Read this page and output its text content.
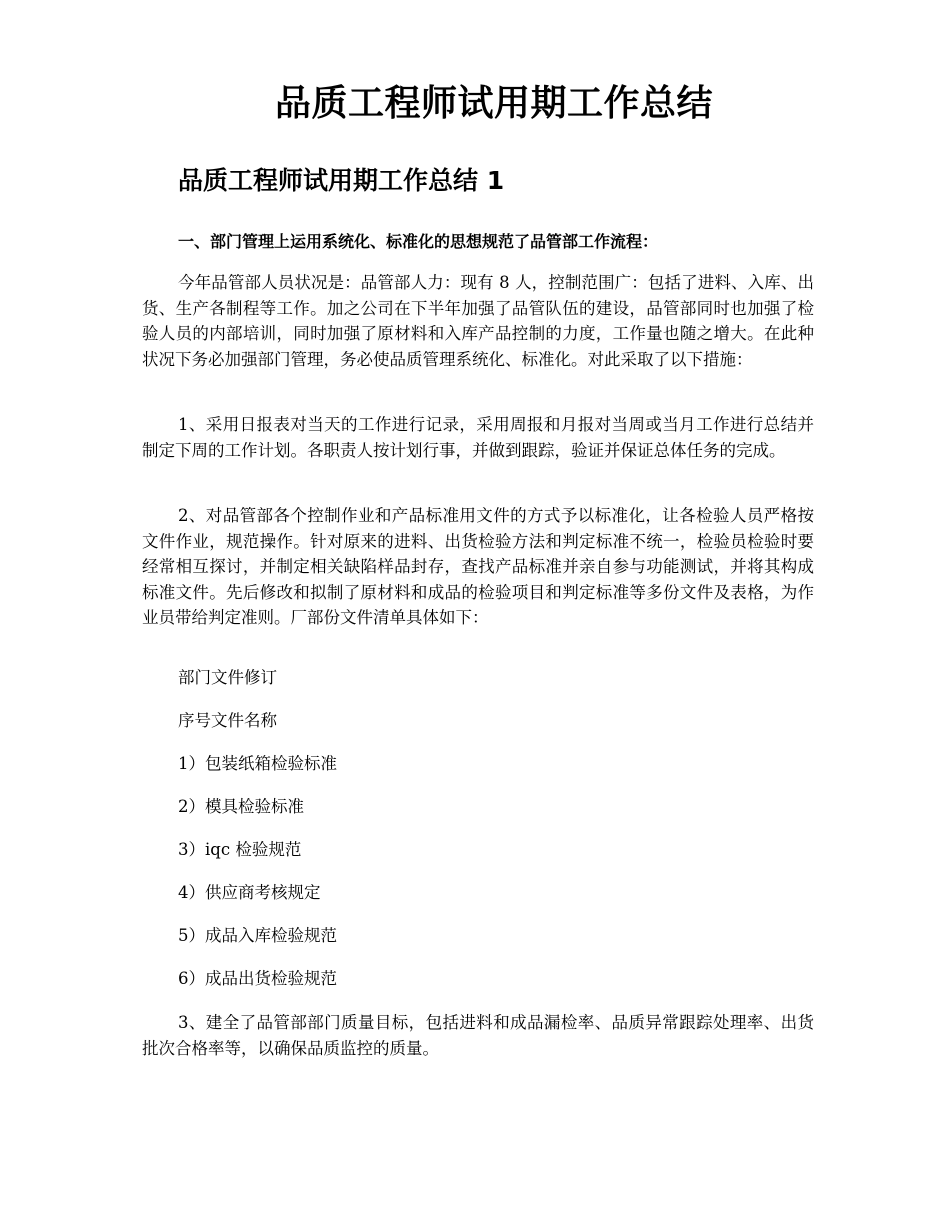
品质工程师试用期工作总结
品质工程师试用期工作总结 1
一、部门管理上运用系统化、标准化的思想规范了品管部工作流程：

今年品管部人员状况是：品管部人力：现有 8 人，控制范围广：包括了进料、入库、出货、生产各制程等工作。加之公司在下半年加强了品管队伍的建设，品管部同时也加强了检验人员的内部培训，同时加强了原材料和入库产品控制的力度，工作量也随之增大。在此种状况下务必加强部门管理，务必使品质管理系统化、标准化。对此采取了以下措施：

1、采用日报表对当天的工作进行记录，采用周报和月报对当周或当月工作进行总结并制定下周的工作计划。各职责人按计划行事，并做到跟踪，验证并保证总体任务的完成。

2、对品管部各个控制作业和产品标准用文件的方式予以标准化，让各检验人员严格按文件作业，规范操作。针对原来的进料、出货检验方法和判定标准不统一，检验员检验时要经常相互探讨，并制定相关缺陷样品封存，查找产品标准并亲自参与功能测试，并将其构成标准文件。先后修改和拟制了原材料和成品的检验项目和判定标准等多份文件及表格，为作业员带给判定准则。厂部份文件清单具体如下：

部门文件修订

序号文件名称

1）包装纸箱检验标准

2）模具检验标准

3）iqc 检验规范

4）供应商考核规定

5）成品入库检验规范

6）成品出货检验规范

3、建全了品管部部门质量目标，包括进料和成品漏检率、品质异常跟踪处理率、出货批次合格率等，以确保品质监控的质量。
